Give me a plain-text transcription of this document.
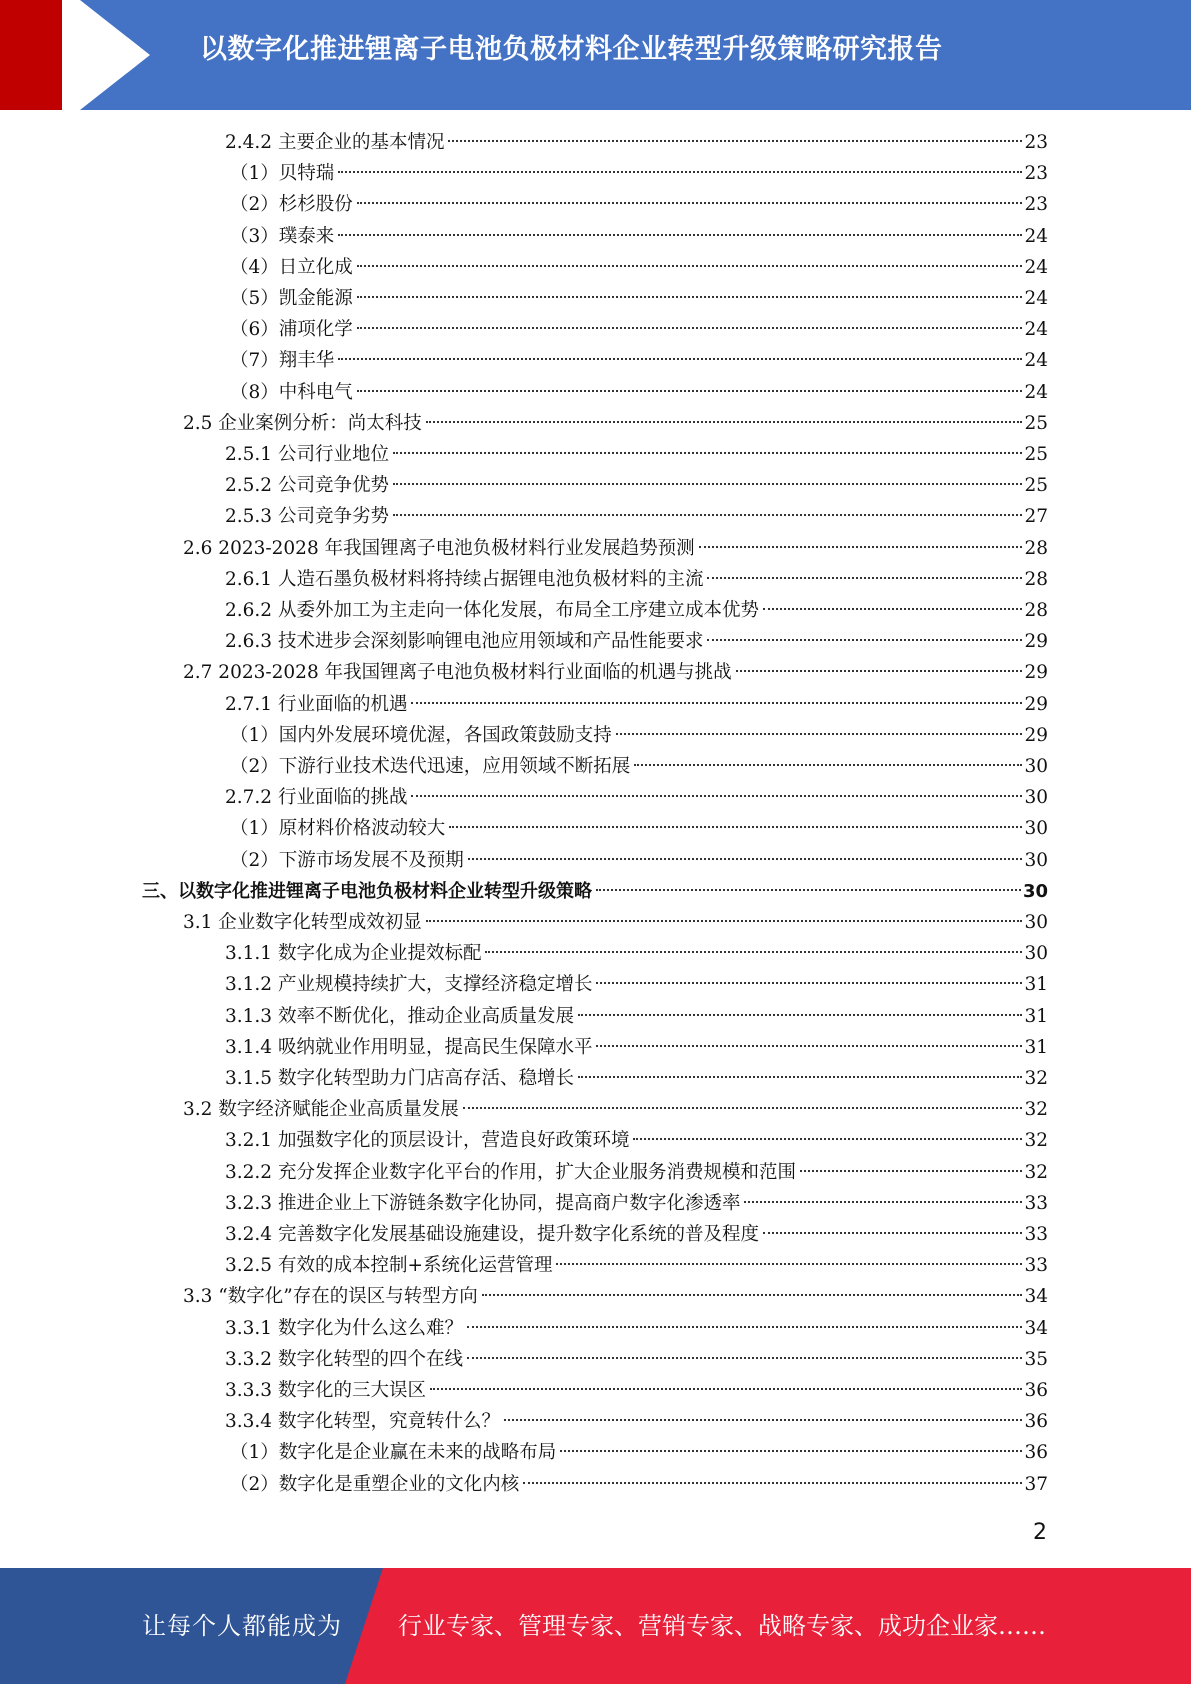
以数字化推进锂离子电池负极材料企业转型升级策略研究报告
2.4.2 主要企业的基本情况	23
（1）贝特瑞	23
（2）杉杉股份	23
（3）璞泰来	24
（4）日立化成	24
（5）凯金能源	24
（6）浦项化学	24
（7）翔丰华	24
（8）中科电气	24
2.5 企业案例分析：尚太科技	25
2.5.1 公司行业地位	25
2.5.2 公司竞争优势	25
2.5.3 公司竞争劣势	27
2.6 2023-2028 年我国锂离子电池负极材料行业发展趋势预测	28
2.6.1 人造石墨负极材料将持续占据锂电池负极材料的主流	28
2.6.2 从委外加工为主走向一体化发展，布局全工序建立成本优势	28
2.6.3 技术进步会深刻影响锂电池应用领域和产品性能要求	29
2.7 2023-2028 年我国锂离子电池负极材料行业面临的机遇与挑战	29
2.7.1 行业面临的机遇	29
（1）国内外发展环境优渥，各国政策鼓励支持	29
（2）下游行业技术迭代迅速，应用领域不断拓展	30
2.7.2 行业面临的挑战	30
（1）原材料价格波动较大	30
（2）下游市场发展不及预期	30
三、以数字化推进锂离子电池负极材料企业转型升级策略	30
3.1 企业数字化转型成效初显	30
3.1.1 数字化成为企业提效标配	30
3.1.2 产业规模持续扩大，支撑经济稳定增长	31
3.1.3 效率不断优化，推动企业高质量发展	31
3.1.4 吸纳就业作用明显，提高民生保障水平	31
3.1.5 数字化转型助力门店高存活、稳增长	32
3.2 数字经济赋能企业高质量发展	32
3.2.1 加强数字化的顶层设计，营造良好政策环境	32
3.2.2 充分发挥企业数字化平台的作用，扩大企业服务消费规模和范围	32
3.2.3 推进企业上下游链条数字化协同，提高商户数字化渗透率	33
3.2.4 完善数字化发展基础设施建设，提升数字化系统的普及程度	33
3.2.5 有效的成本控制+系统化运营管理	33
3.3 “数字化”存在的误区与转型方向	34
3.3.1 数字化为什么这么难？	34
3.3.2 数字化转型的四个在线	35
3.3.3 数字化的三大误区	36
3.3.4 数字化转型，究竟转什么？	36
（1）数字化是企业赢在未来的战略布局	36
（2）数字化是重塑企业的文化内核	37
2
让每个人都能成为 行业专家、管理专家、营销专家、战略专家、成功企业家……
